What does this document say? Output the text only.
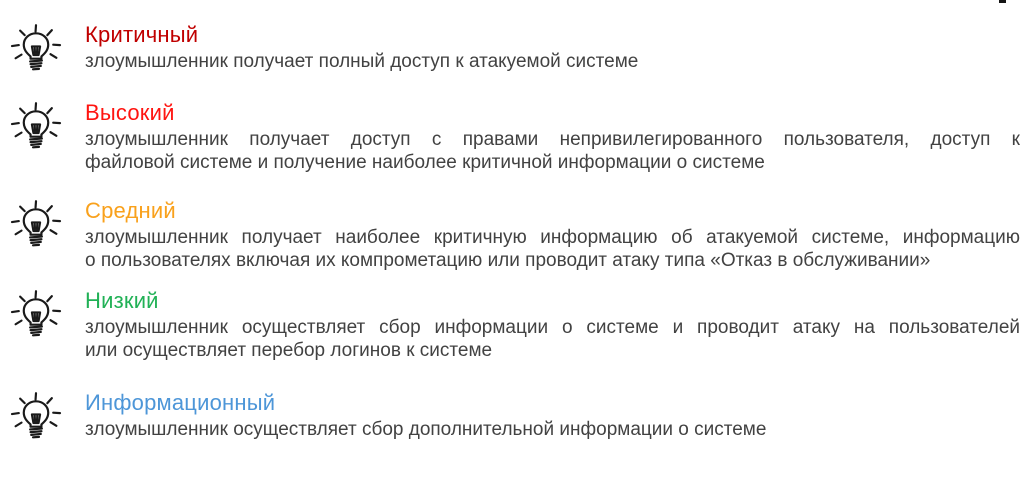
Критичный
злоумышленник получает полный доступ к атакуемой системе
Высокий
злоумышленник получает доступ с правами непривилегированного пользователя, доступ к
файловой системе и получение наиболее критичной информации о системе
Средний
злоумышленник получает наиболее критичную информацию об атакуемой системе, информацию
о пользователях включая их компрометацию или проводит атаку типа «Отказ в обслуживании»
Низкий
злоумышленник осуществляет сбор информации о системе и проводит атаку на пользователей
или осуществляет перебор логинов к системе
Информационный
злоумышленник осуществляет сбор дополнительной информации о системе
